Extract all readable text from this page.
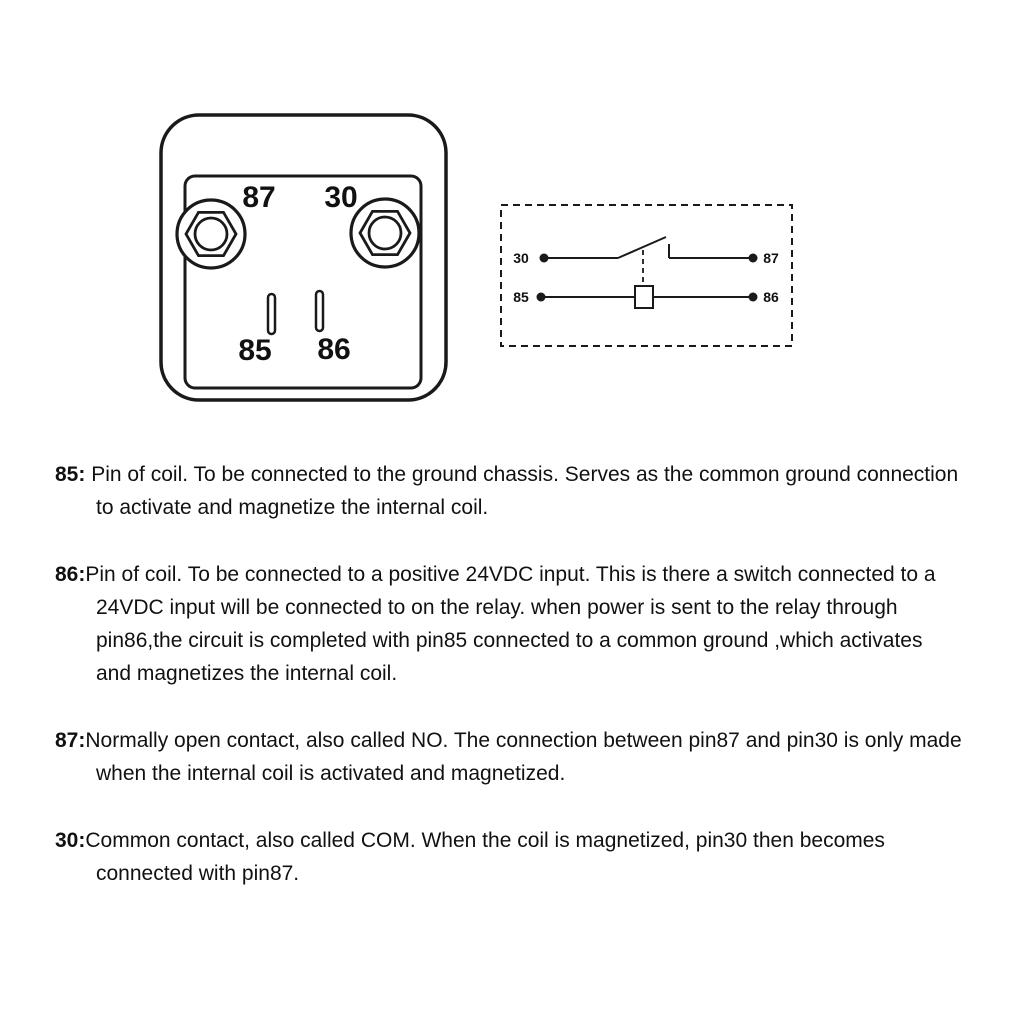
87 30
85 86
30	87
85	86

85: Pin of coil. To be connected to the ground chassis. Serves as the common ground connection to activate and magnetize the internal coil.

86:Pin of coil. To be connected to a positive 24VDC input. This is there a switch connected to a 24VDC input will be connected to on the relay. when power is sent to the relay through pin86,the circuit is completed with pin85 connected to a common ground ,which activates and magnetizes the internal coil.

87:Normally open contact, also called NO. The connection between pin87 and pin30 is only made when the internal coil is activated and magnetized.

30:Common contact, also called COM. When the coil is magnetized, pin30 then becomes connected with pin87.
